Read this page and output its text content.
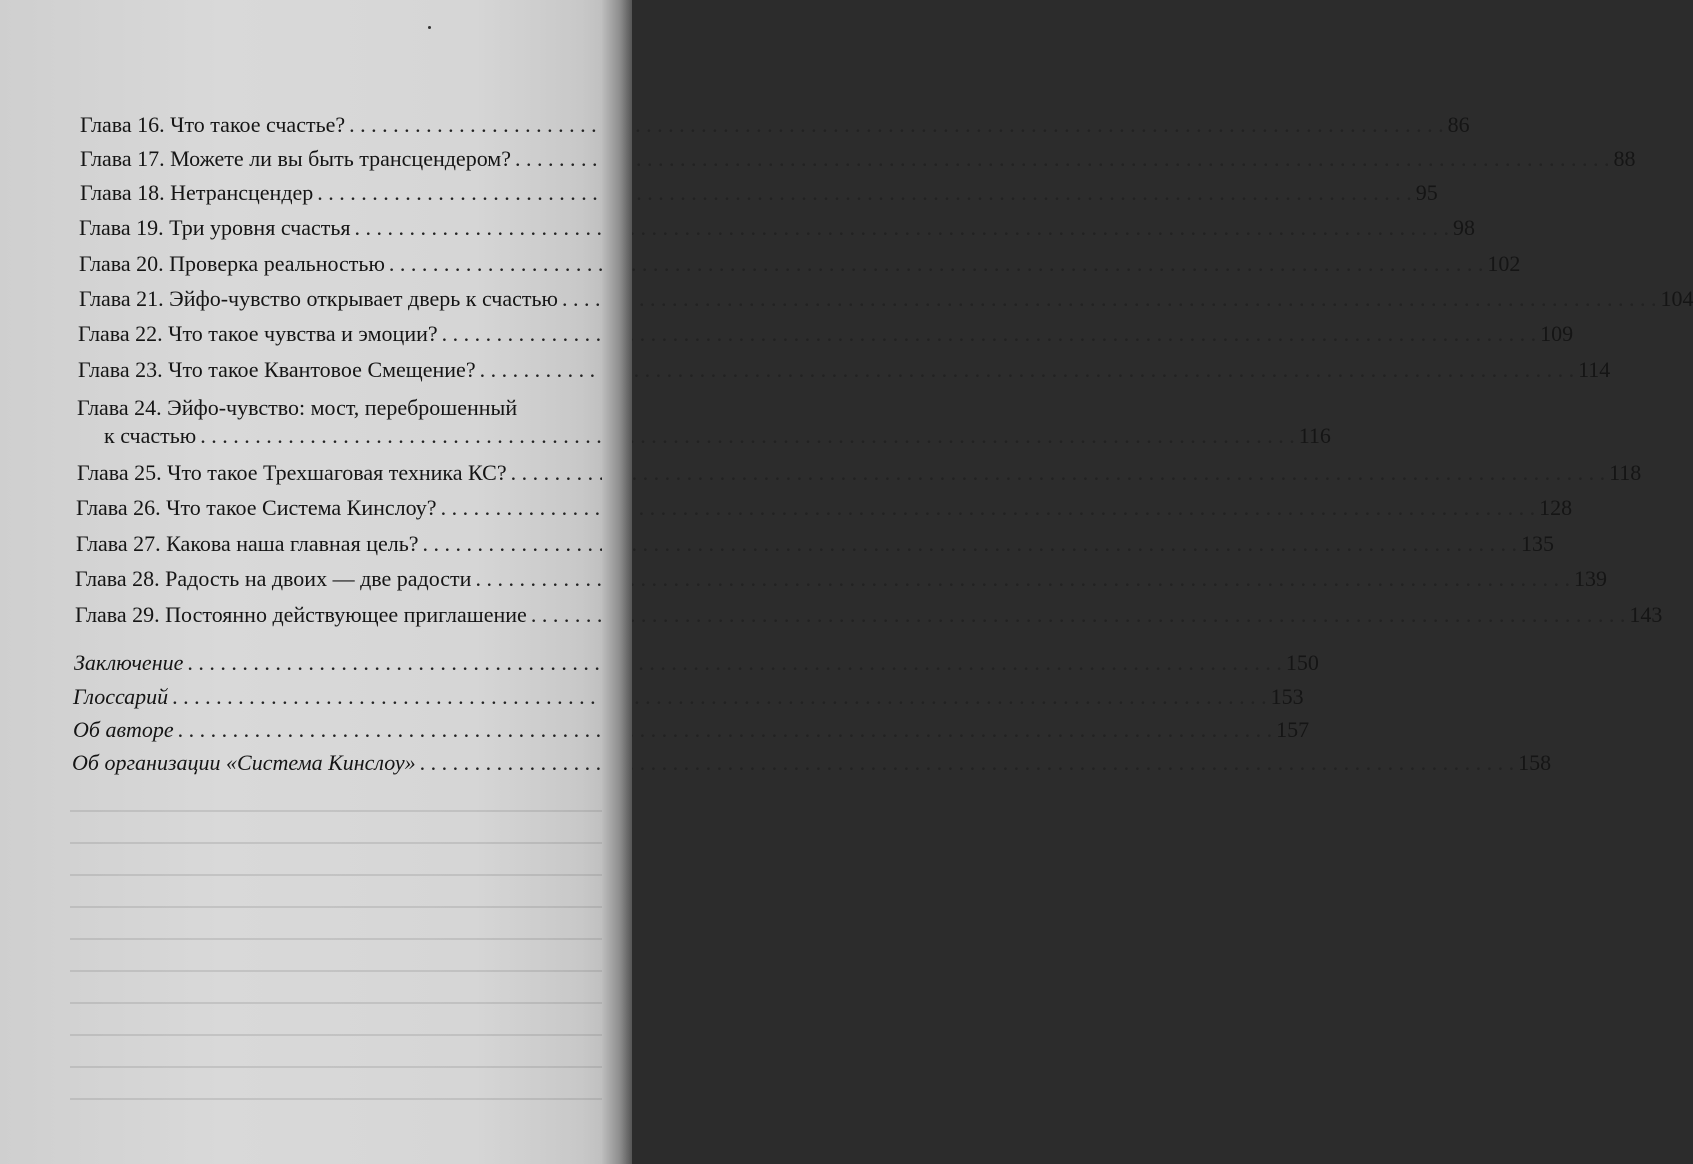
Глава 16. Что такое счастье? . . .	86
Глава 17. Можете ли вы быть трансцендером? . . .	88
Глава 18. Нетрансцендер . . .	95
Глава 19. Три уровня счастья . . .	98
Глава 20. Проверка реальностью . . .	102
Глава 21. Эйфо-чувство открывает дверь к счастью . . .	104
Глава 22. Что такое чувства и эмоции? . . .	109
Глава 23. Что такое Квантовое Смещение? . . .	114
Глава 24. Эйфо-чувство: мост, переброшенный
к счастью . . .	116
Глава 25. Что такое Трехшаговая техника КС? . . .	118
Глава 26. Что такое Система Кинслоу? . . .	128
Глава 27. Какова наша главная цель? . . .	135
Глава 28. Радость на двоих — две радости . . .	139
Глава 29. Постоянно действующее приглашение . . .	143
Заключение . . .	150
Глоссарий . . .	153
Об авторе . . .	157
Об организации «Система Кинслоу» . . .	158
